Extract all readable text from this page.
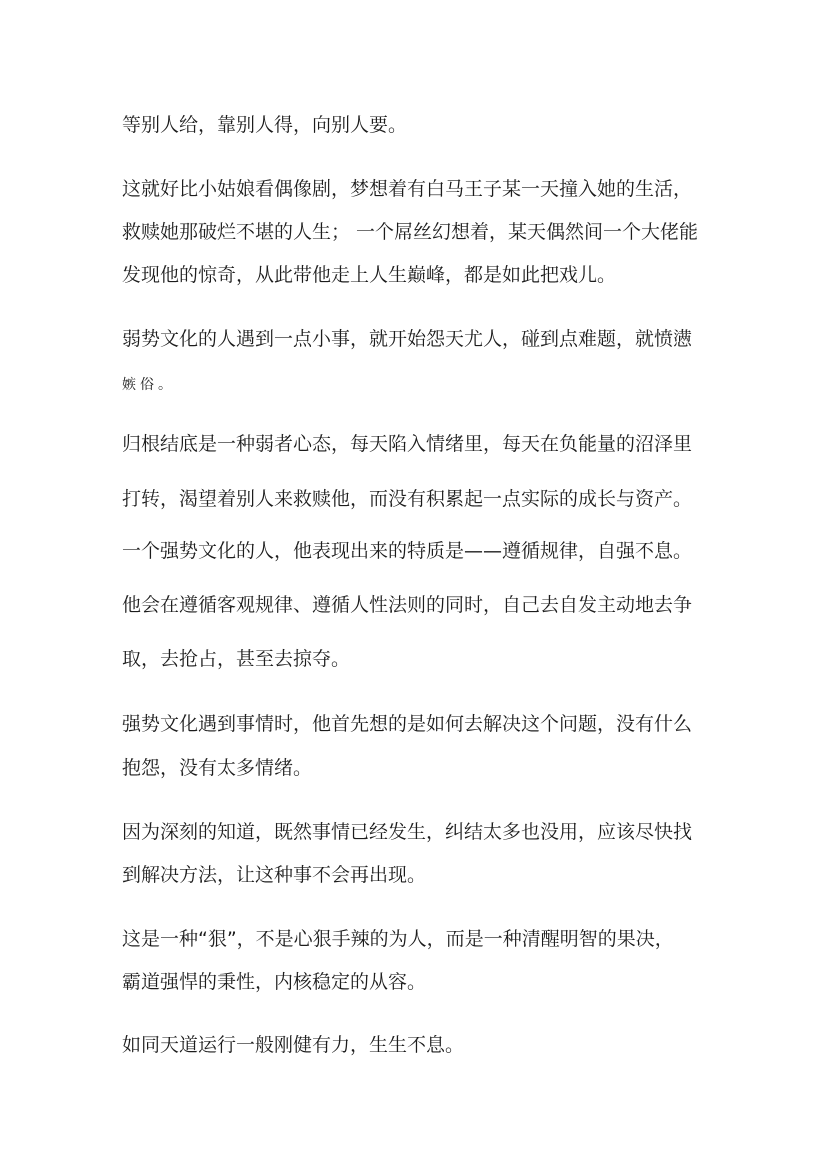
等别人给，靠别人得，向别人要。

这就好比小姑娘看偶像剧，梦想着有白马王子某一天撞入她的生活，

救赎她那破烂不堪的人生； 一个屌丝幻想着，某天偶然间一个大佬能

发现他的惊奇，从此带他走上人生巅峰，都是如此把戏儿。

弱势文化的人遇到一点小事，就开始怨天尤人，碰到点难题，就愤懑

嫉俗。

归根结底是一种弱者心态，每天陷入情绪里，每天在负能量的沼泽里

打转，渴望着别人来救赎他，而没有积累起一点实际的成长与资产。

一个强势文化的人，他表现出来的特质是——遵循规律，自强不息。

他会在遵循客观规律、遵循人性法则的同时，自己去自发主动地去争

取，去抢占，甚至去掠夺。

强势文化遇到事情时，他首先想的是如何去解决这个问题，没有什么

抱怨，没有太多情绪。

因为深刻的知道，既然事情已经发生，纠结太多也没用，应该尽快找

到解决方法，让这种事不会再出现。

这是一种“狠”，不是心狠手辣的为人，而是一种清醒明智的果决，

霸道强悍的秉性，内核稳定的从容。

如同天道运行一般刚健有力，生生不息。
